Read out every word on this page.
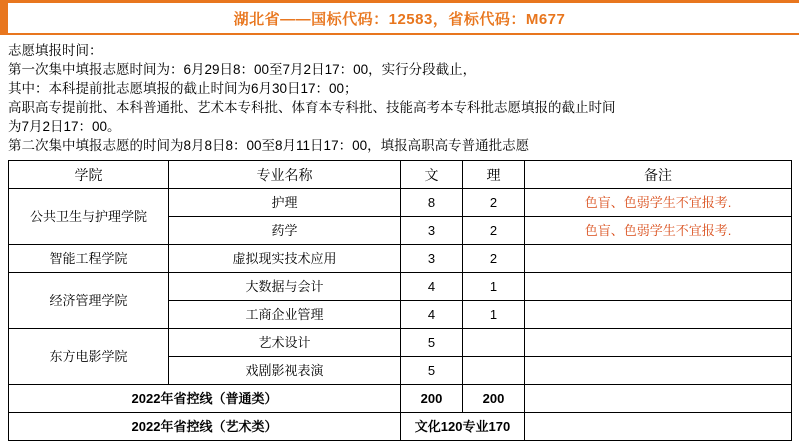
湖北省——国标代码：12583，省标代码：M677
志愿填报时间：
第一次集中填报志愿时间为：6月29日8：00至7月2日17：00，实行分段截止，
其中：本科提前批志愿填报的截止时间为6月30日17：00；
高职高专提前批、本科普通批、艺术本专科批、体育本专科批、技能高考本专科批志愿填报的截止时间
为7月2日17：00。
第二次集中填报志愿的时间为8月8日8：00至8月11日17：00，填报高职高专普通批志愿
学院	专业名称	文	理	备注
公共卫生与护理学院	护理	8	2	色盲、色弱学生不宜报考.
	药学	3	2	色盲、色弱学生不宜报考.
智能工程学院	虚拟现实技术应用	3	2	
经济管理学院	大数据与会计	4	1	
	工商企业管理	4	1	
东方电影学院	艺术设计	5		
	戏剧影视表演	5		
2022年省控线（普通类）		200	200	
2022年省控线（艺术类）		文化120专业170		
